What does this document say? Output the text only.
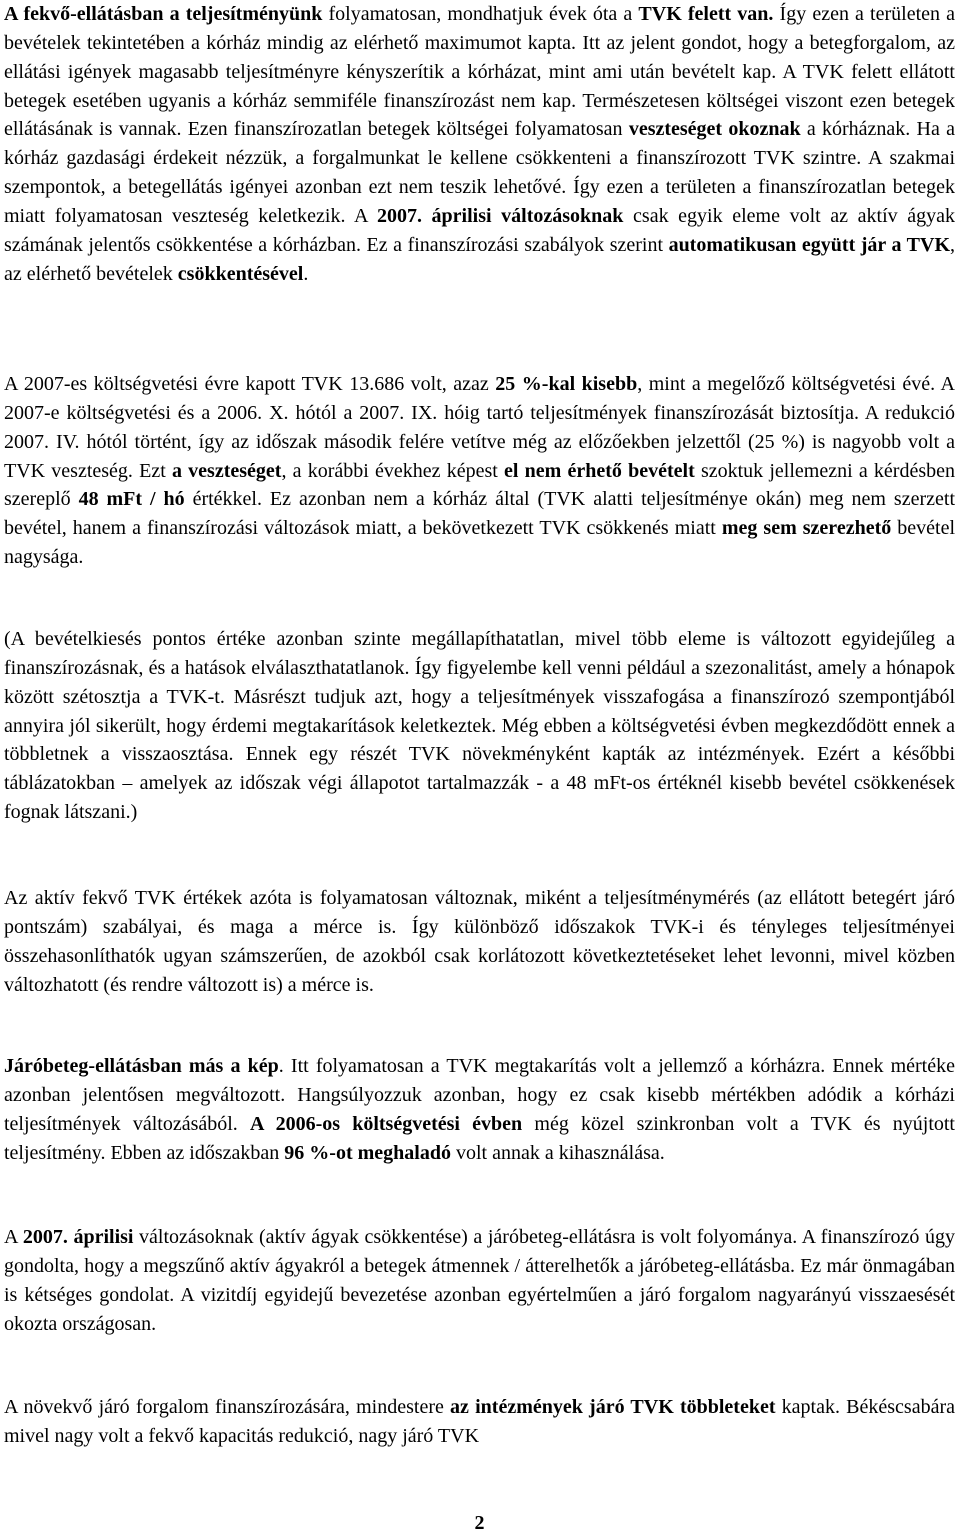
A fekvő-ellátásban a teljesítményünk folyamatosan, mondhatjuk évek óta a TVK felett van. Így ezen a területen a bevételek tekintetében a kórház mindig az elérhető maximumot kapta. Itt az jelent gondot, hogy a betegforgalom, az ellátási igények magasabb teljesítményre kényszerítik a kórházat, mint ami után bevételt kap. A TVK felett ellátott betegek esetében ugyanis a kórház semmiféle finanszírozást nem kap. Természetesen költségei viszont ezen betegek ellátásának is vannak. Ezen finanszírozatlan betegek költségei folyamatosan veszteséget okoznak a kórháznak. Ha a kórház gazdasági érdekeit nézzük, a forgalmunkat le kellene csökkenteni a finanszírozott TVK szintre. A szakmai szempontok, a betegellátás igényei azonban ezt nem teszik lehetővé. Így ezen a területen a finanszírozatlan betegek miatt folyamatosan veszteség keletkezik. A 2007. áprilisi változásoknak csak egyik eleme volt az aktív ágyak számának jelentős csökkentése a kórházban. Ez a finanszírozási szabályok szerint automatikusan együtt jár a TVK, az elérhető bevételek csökkentésével.

A 2007-es költségvetési évre kapott TVK 13.686 volt, azaz 25 %-kal kisebb, mint a megelőző költségvetési évé. A 2007-e költségvetési és a 2006. X. hótól a 2007. IX. hóig tartó teljesítmények finanszírozását biztosítja. A redukció 2007. IV. hótól történt, így az időszak második felére vetítve még az előzőekben jelzettől (25 %) is nagyobb volt a TVK veszteség. Ezt a veszteséget, a korábbi évekhez képest el nem érhető bevételt szoktuk jellemezni a kérdésben szereplő 48 mFt / hó értékkel. Ez azonban nem a kórház által (TVK alatti teljesítménye okán) meg nem szerzett bevétel, hanem a finanszírozási változások miatt, a bekövetkezett TVK csökkenés miatt meg sem szerezhető bevétel nagysága.

(A bevételkiesés pontos értéke azonban szinte megállapíthatatlan, mivel több eleme is változott egyidejűleg a finanszírozásnak, és a hatások elválaszthatatlanok. Így figyelembe kell venni például a szezonalitást, amely a hónapok között szétosztja a TVK-t. Másrészt tudjuk azt, hogy a teljesítmények visszafogása a finanszírozó szempontjából annyira jól sikerült, hogy érdemi megtakarítások keletkeztek. Még ebben a költségvetési évben megkezdődött ennek a többletnek a visszaosztása. Ennek egy részét TVK növekményként kapták az intézmények. Ezért a későbbi táblázatokban – amelyek az időszak végi állapotot tartalmazzák - a 48 mFt-os értéknél kisebb bevétel csökkenések fognak látszani.)

Az aktív fekvő TVK értékek azóta is folyamatosan változnak, miként a teljesítménymérés (az ellátott betegért járó pontszám) szabályai, és maga a mérce is. Így különböző időszakok TVK-i és tényleges teljesítményei összehasonlíthatók ugyan számszerűen, de azokból csak korlátozott következtetéseket lehet levonni, mivel közben változhatott (és rendre változott is) a mérce is.

Járóbeteg-ellátásban más a kép. Itt folyamatosan a TVK megtakarítás volt a jellemző a kórházra. Ennek mértéke azonban jelentősen megváltozott. Hangsúlyozzuk azonban, hogy ez csak kisebb mértékben adódik a kórházi teljesítmények változásából. A 2006-os költségvetési évben még közel szinkronban volt a TVK és nyújtott teljesítmény. Ebben az időszakban 96 %-ot meghaladó volt annak a kihasználása.

A 2007. áprilisi változásoknak (aktív ágyak csökkentése) a járóbeteg-ellátásra is volt folyománya. A finanszírozó úgy gondolta, hogy a megszűnő aktív ágyakról a betegek átmennek / átterelhetők a járóbeteg-ellátásba. Ez már önmagában is kétséges gondolat. A vizitdíj egyidejű bevezetése azonban egyértelműen a járó forgalom nagyarányú visszaesését okozta országosan.

A növekvő járó forgalom finanszírozására, mindestere az intézmények járó TVK többleteket kaptak. Békéscsabára mivel nagy volt a fekvő kapacitás redukció, nagy járó TVK

2
